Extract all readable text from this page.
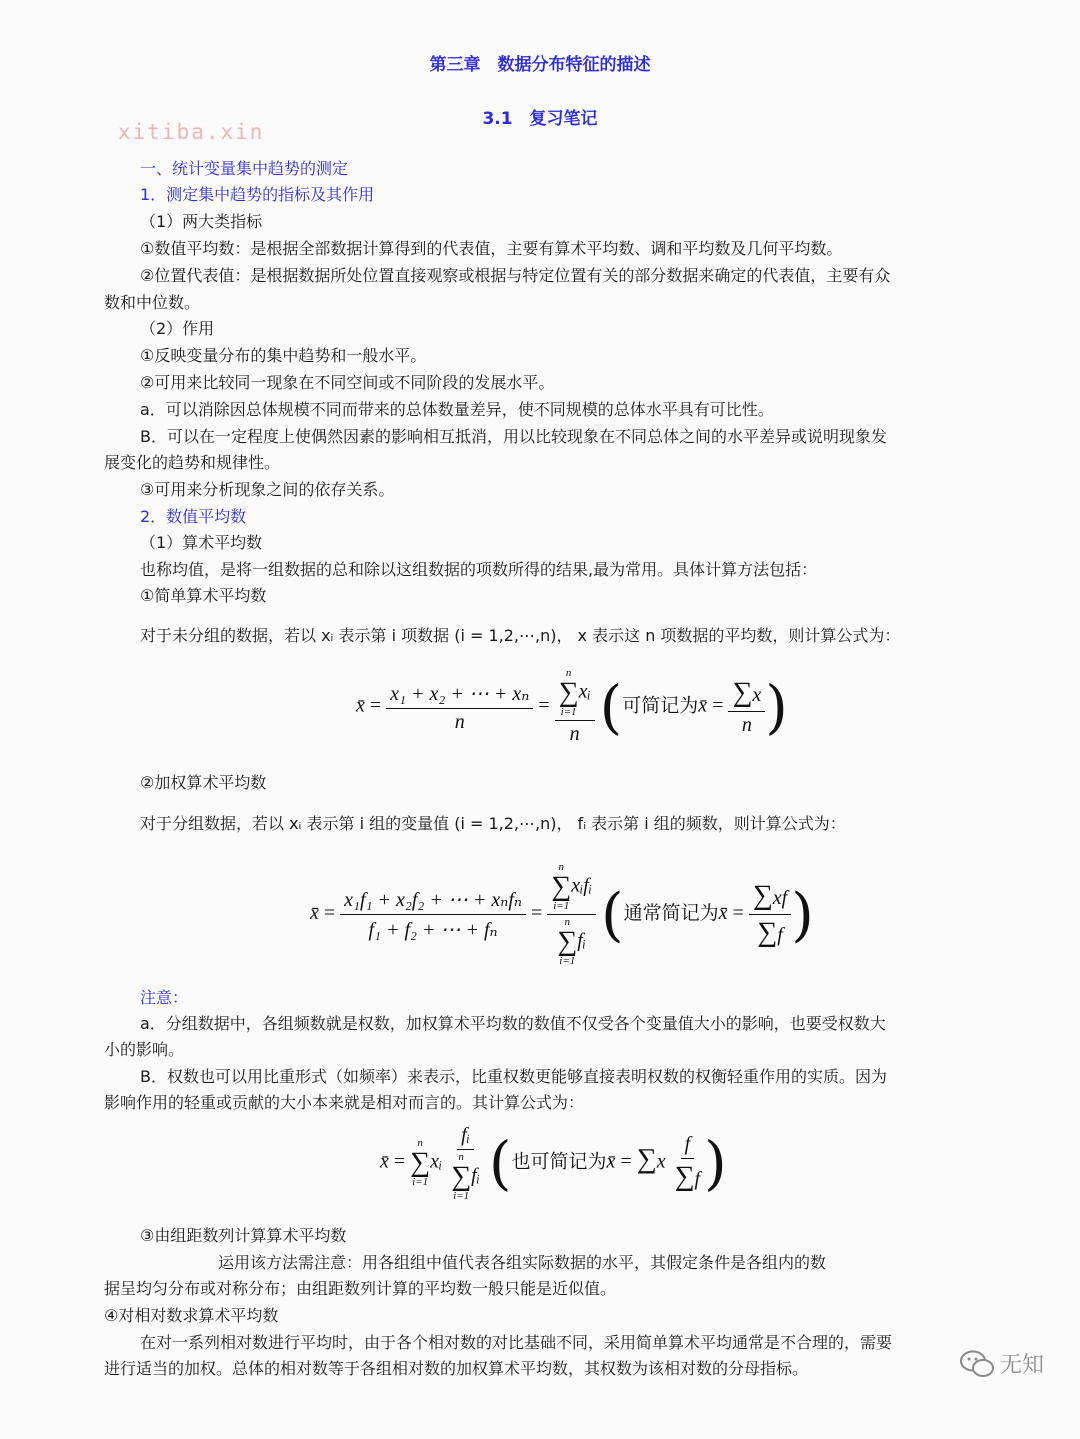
xitiba.xin
第三章　数据分布特征的描述
3.1　复习笔记
一、统计变量集中趋势的测定
1．测定集中趋势的指标及其作用
（1）两大类指标
①数值平均数：是根据全部数据计算得到的代表值，主要有算术平均数、调和平均数及几何平均数。
②位置代表值：是根据数据所处位置直接观察或根据与特定位置有关的部分数据来确定的代表值，主要有众
数和中位数。
（2）作用
①反映变量分布的集中趋势和一般水平。
②可用来比较同一现象在不同空间或不同阶段的发展水平。
a．可以消除因总体规模不同而带来的总体数量差异，使不同规模的总体水平具有可比性。
B．可以在一定程度上使偶然因素的影响相互抵消，用以比较现象在不同总体之间的水平差异或说明现象发
展变化的趋势和规律性。
③可用来分析现象之间的依存关系。
2．数值平均数
（1）算术平均数
也称均值，是将一组数据的总和除以这组数据的项数所得的结果,最为常用。具体计算方法包括：
①简单算术平均数
对于未分组的数据，若以 xᵢ 表示第 i 项数据 (i = 1,2,⋯,n)， x 表示这 n 项数据的平均数，则计算公式为：
x̄ = $\frac{\text{x₁ + x₂ + ⋯ + xₙ}}{n} = n$
∑
i=1
xᵢ
n (可简记为x̄ = $\frac{\sum x}{n}$ )
②加权算术平均数
对于分组数据，若以 xᵢ 表示第 i 组的变量值 (i = 1,2,⋯,n)， fᵢ 表示第 i 组的频数，则计算公式为：
x̄ = $\frac{\text{x₁f₁ + x₂f₂ + ⋯ + xₙfₙ}}{\text{f₁ + f₂ + ⋯ + fₙ}} = n$
∑
i=1
xᵢfᵢ
n
∑
i=1
fᵢ (通常简记为x̄ = $\frac{\sum xf}{\sum f}$ )
注意：
a．分组数据中，各组频数就是权数，加权算术平均数的数值不仅受各个变量值大小的影响，也要受权数大
小的影响。
B．权数也可以用比重形式（如频率）来表示，比重权数更能够直接表明权数的权衡轻重作用的实质。因为
影响作用的轻重或贡献的大小本来就是相对而言的。其计算公式为：
x̄ =
n
∑
i=1
xᵢ fᵢ
n
∑
i=1
fᵢ (也可简记为x̄ = $\sum x \frac{f}{\sum f}$ )
③由组距数列计算算术平均数
运用该方法需注意：用各组组中值代表各组实际数据的水平，其假定条件是各组内的数
据呈均匀分布或对称分布；由组距数列计算的平均数一般只能是近似值。
④对相对数求算术平均数
在对一系列相对数进行平均时，由于各个相对数的对比基础不同，采用简单算术平均通常是不合理的，需要
进行适当的加权。总体的相对数等于各组相对数的加权算术平均数，其权数为该相对数的分母指标。	无知
